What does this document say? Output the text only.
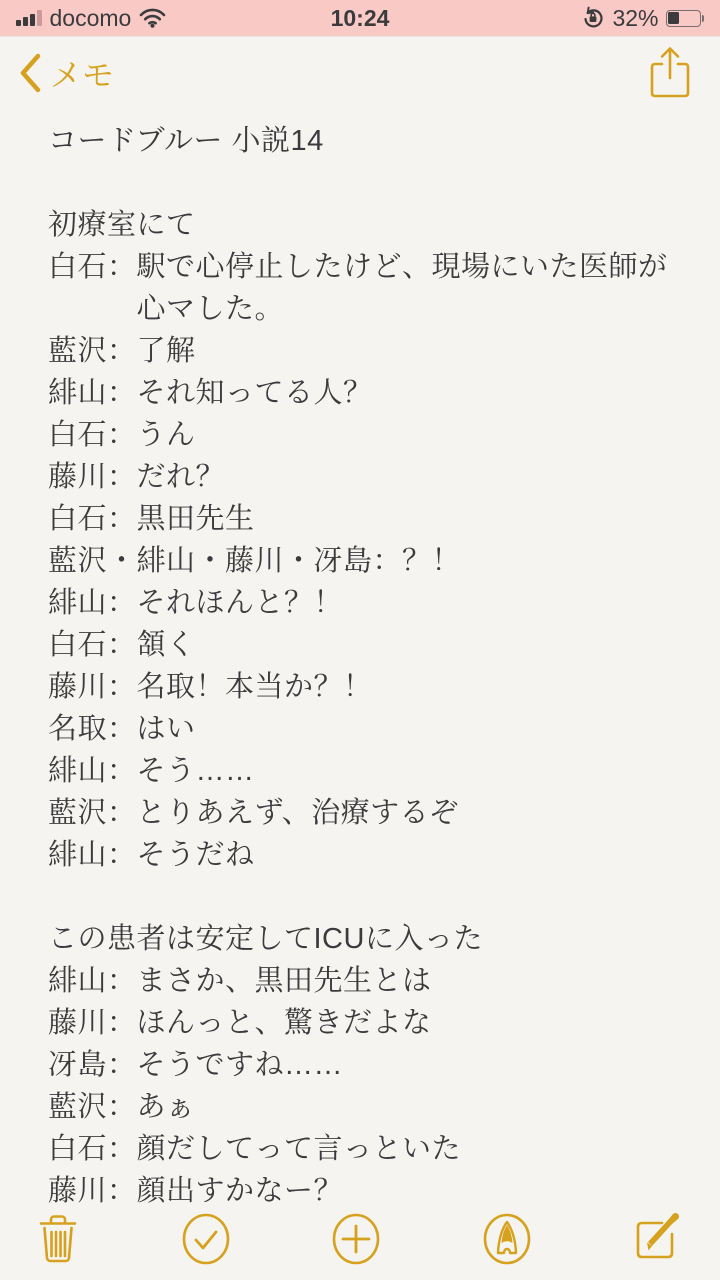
docomo	10:24	32%
メモ
コードブルー 小説14
初療室にて
白石：駅で心停止したけど、現場にいた医師が
　　　心マした。
藍沢：了解
緋山：それ知ってる人？
白石：うん
藤川：だれ？
白石：黒田先生
藍沢・緋山・藤川・冴島：？！
緋山：それほんと？！
白石：頷く
藤川：名取！本当か？！
名取：はい
緋山：そう……
藍沢：とりあえず、治療するぞ
緋山：そうだね
この患者は安定してICUに入った
緋山：まさか、黒田先生とは
藤川：ほんっと、驚きだよな
冴島：そうですね……
藍沢：あぁ
白石：顔だしてって言っといた
藤川：顔出すかなー？
